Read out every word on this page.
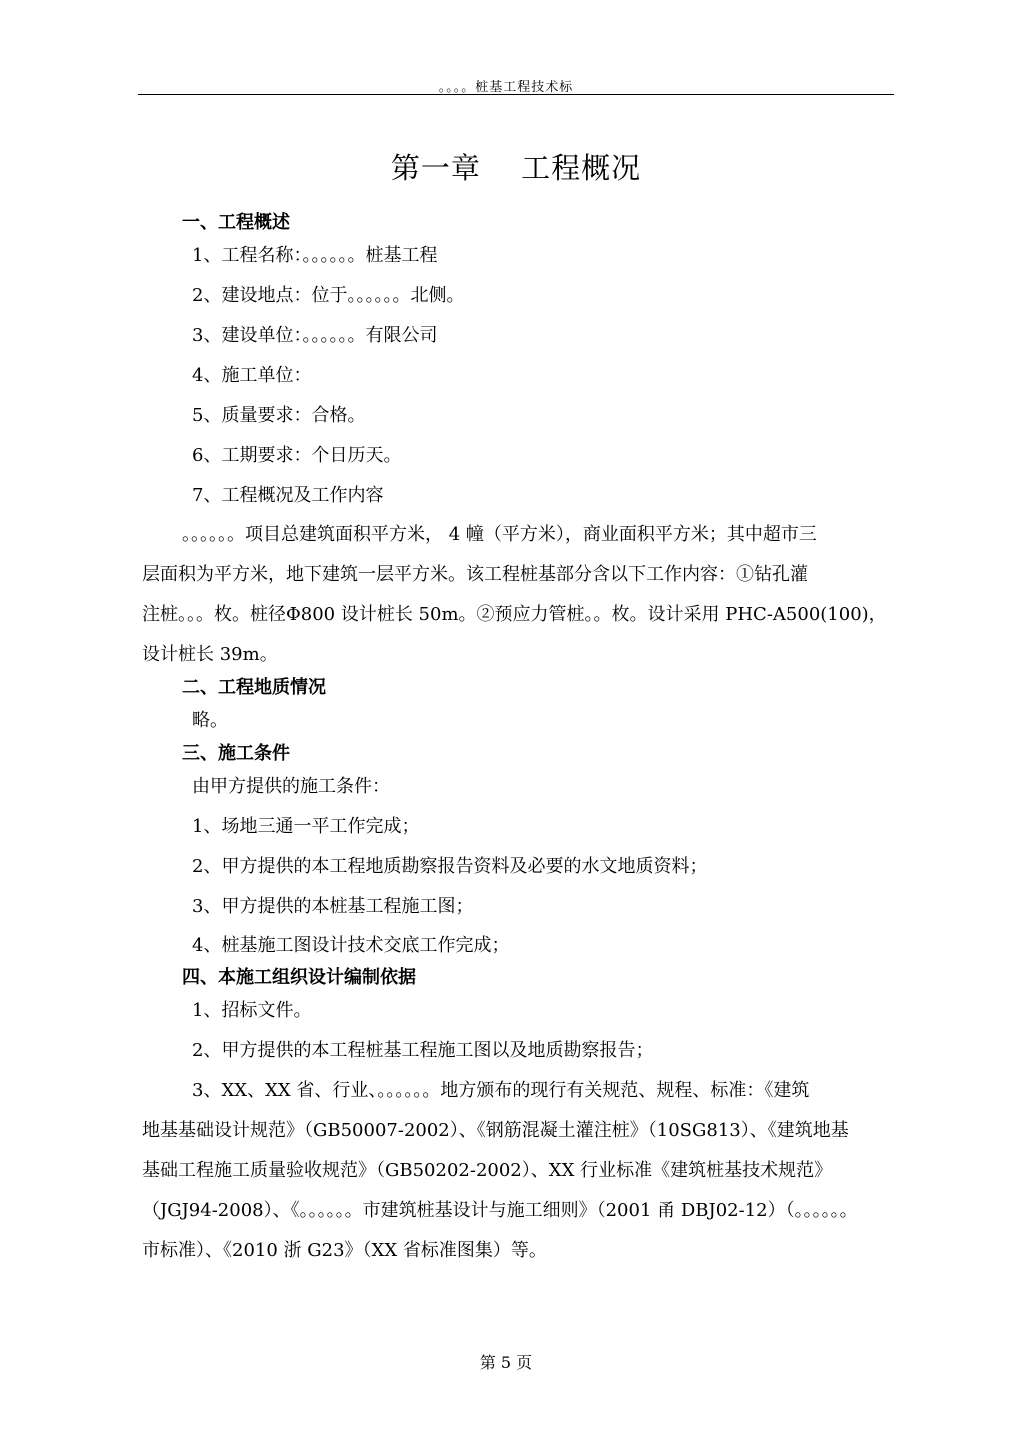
。。。。桩基工程技术标
第一章　 工程概况
一、工程概述
1、工程名称：。。。。。。桩基工程
2、建设地点：位于。。。。。。北侧。
3、建设单位：。。。。。。有限公司
4、施工单位：
5、质量要求：合格。
6、工期要求：个日历天。
7、工程概况及工作内容
。。。。。。项目总建筑面积平方米， 4 幢（平方米），商业面积平方米；其中超市三
层面积为平方米，地下建筑一层平方米。该工程桩基部分含以下工作内容：①钻孔灌
注桩。。。枚。桩径Φ800 设计桩长 50m。②预应力管桩。。枚。设计采用 PHC-A500(100)，
设计桩长 39m。
二、工程地质情况
略。
三、施工条件
由甲方提供的施工条件：
1、场地三通一平工作完成；
2、甲方提供的本工程地质勘察报告资料及必要的水文地质资料；
3、甲方提供的本桩基工程施工图；
4、桩基施工图设计技术交底工作完成；
四、本施工组织设计编制依据
1、招标文件。
2、甲方提供的本工程桩基工程施工图以及地质勘察报告；
3、XX、XX 省、行业、。。。。。。地方颁布的现行有关规范、规程、标准：《建筑
地基基础设计规范》（GB50007-2002）、《钢筋混凝土灌注桩》（10SG813）、《建筑地基
基础工程施工质量验收规范》（GB50202-2002）、XX 行业标准《建筑桩基技术规范》
（JGJ94-2008）、《。。。。。。市建筑桩基设计与施工细则》（2001 甬 DBJ02-12）（。。。。。。
市标准）、《2010 浙 G23》（XX 省标准图集）等。
第 5 页
